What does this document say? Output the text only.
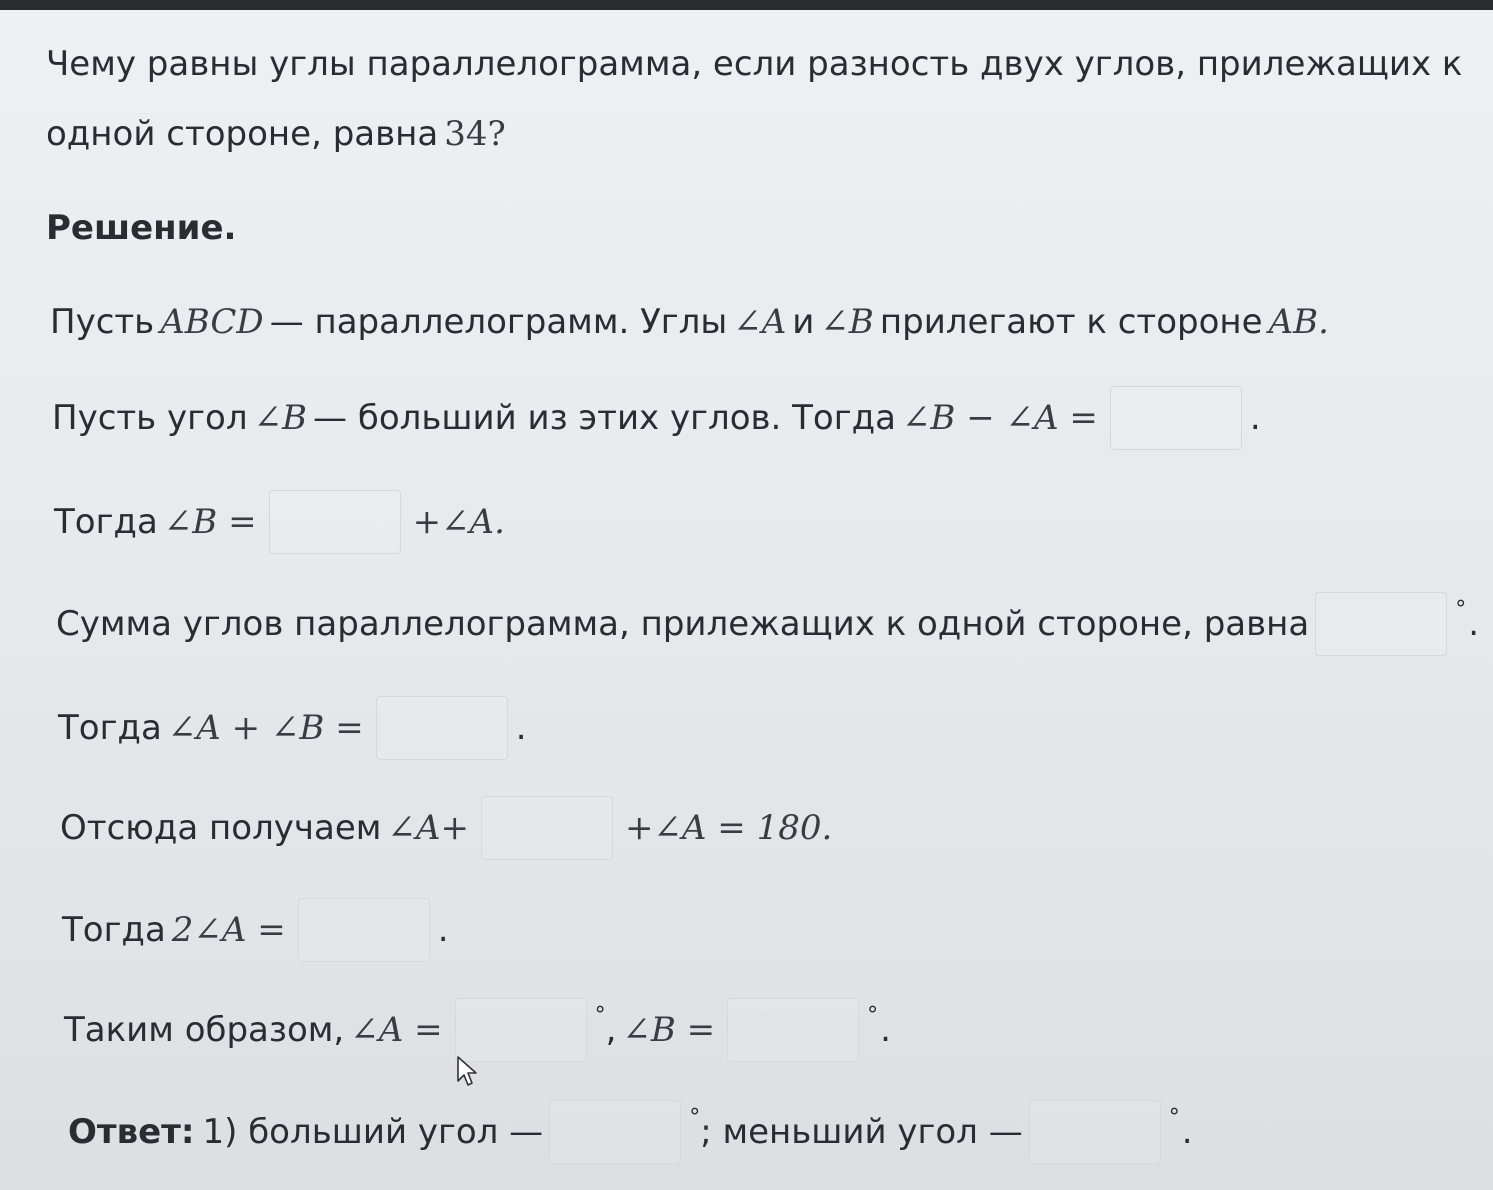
Чему равны углы параллелограмма, если разность двух углов, прилежащих к
одной стороне, равна 34?
Решение.
Пусть ABCD — параллелограмм. Углы ∠A и ∠B прилегают к стороне AB.
Пусть угол ∠B — больший из этих углов. Тогда ∠B − ∠A =	.
Тогда ∠B =	+∠A.
Сумма углов параллелограмма, прилежащих к одной стороне, равна	° .
Тогда ∠A + ∠B =	.
Отсюда получаем ∠A+	+∠A = 180.
Тогда 2∠A =	.
Таким образом, ∠A =	° , ∠B =	° .
Ответ: 1) больший угол —	° ; меньший угол —	° .
